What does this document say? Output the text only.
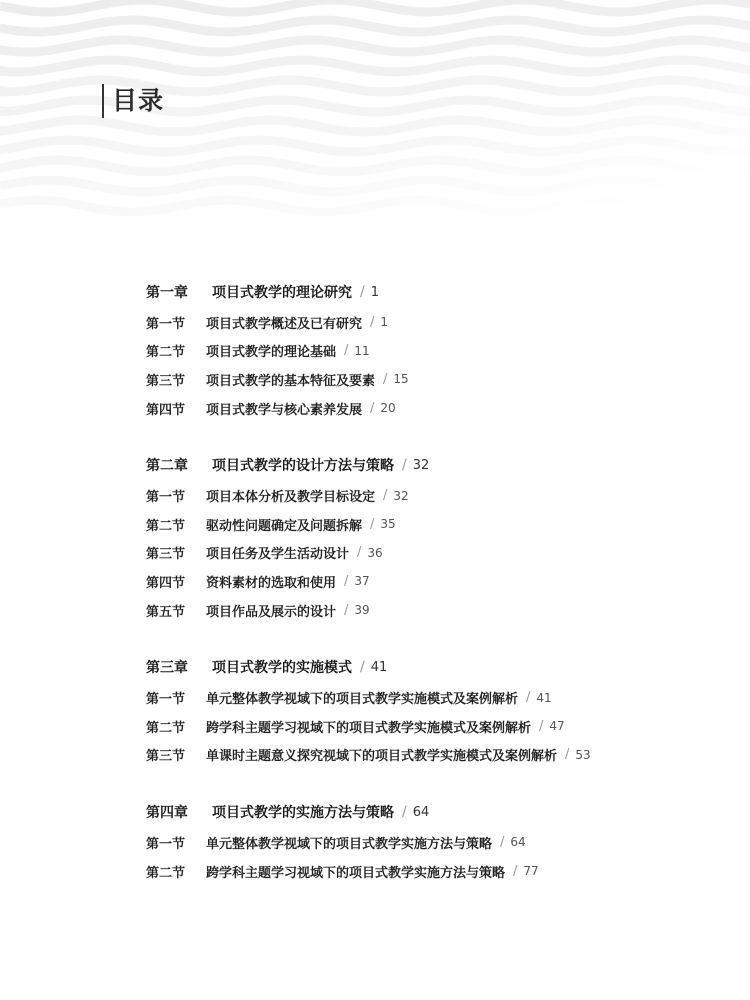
目录
第一章	项目式教学的理论研究 / 1
第一节	项目式教学概述及已有研究 / 1
第二节	项目式教学的理论基础 / 11
第三节	项目式教学的基本特征及要素 / 15
第四节	项目式教学与核心素养发展 / 20
第二章	项目式教学的设计方法与策略 / 32
第一节	项目本体分析及教学目标设定 / 32
第二节	驱动性问题确定及问题拆解 / 35
第三节	项目任务及学生活动设计 / 36
第四节	资料素材的选取和使用 / 37
第五节	项目作品及展示的设计 / 39
第三章	项目式教学的实施模式 / 41
第一节	单元整体教学视域下的项目式教学实施模式及案例解析 / 41
第二节	跨学科主题学习视域下的项目式教学实施模式及案例解析 / 47
第三节	单课时主题意义探究视域下的项目式教学实施模式及案例解析 / 53
第四章	项目式教学的实施方法与策略 / 64
第一节	单元整体教学视域下的项目式教学实施方法与策略 / 64
第二节	跨学科主题学习视域下的项目式教学实施方法与策略 / 77
